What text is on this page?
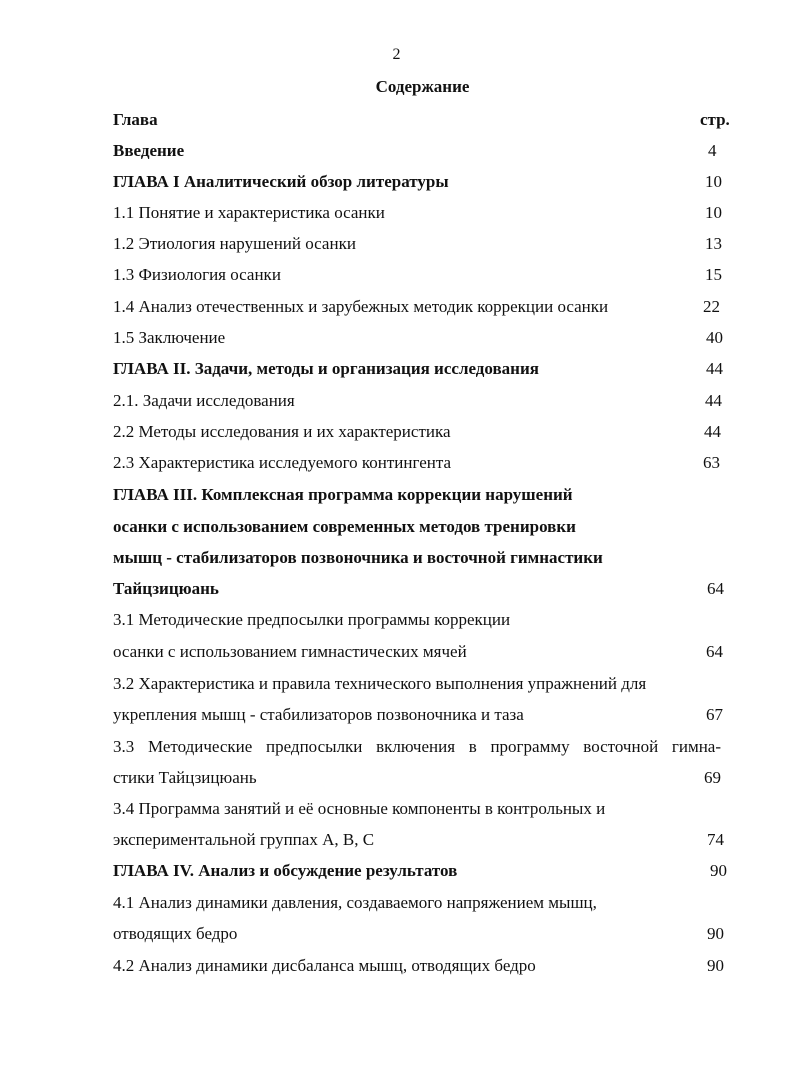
2
Содержание
Глава	стр.
Введение	4
ГЛАВА I Аналитический обзор литературы	10
1.1 Понятие и характеристика осанки	10
1.2 Этиология нарушений осанки	13
1.3 Физиология осанки	15
1.4 Анализ отечественных и зарубежных методик коррекции осанки	22
1.5 Заключение	40
ГЛАВА II. Задачи, методы и организация исследования	44
2.1. Задачи исследования	44
2.2 Методы исследования и их характеристика	44
2.3 Характеристика исследуемого контингента	63
ГЛАВА III. Комплексная программа коррекции нарушений
осанки с использованием современных методов тренировки
мышц - стабилизаторов позвоночника и восточной гимнастики
Тайцзицюань	64
3.1 Методические предпосылки программы коррекции
осанки с использованием гимнастических мячей	64
3.2 Характеристика и правила технического выполнения упражнений для
укрепления мышц - стабилизаторов позвоночника и таза	67
3.3 Методические предпосылки включения в программу восточной гимна-
стики Тайцзицюань	69
3.4 Программа занятий и её основные компоненты в контрольных и
экспериментальной группах А, В, С	74
ГЛАВА IV. Анализ и обсуждение результатов	90
4.1 Анализ динамики давления, создаваемого напряжением мышц,
отводящих бедро	90
4.2 Анализ динамики дисбаланса мышц, отводящих бедро	90
